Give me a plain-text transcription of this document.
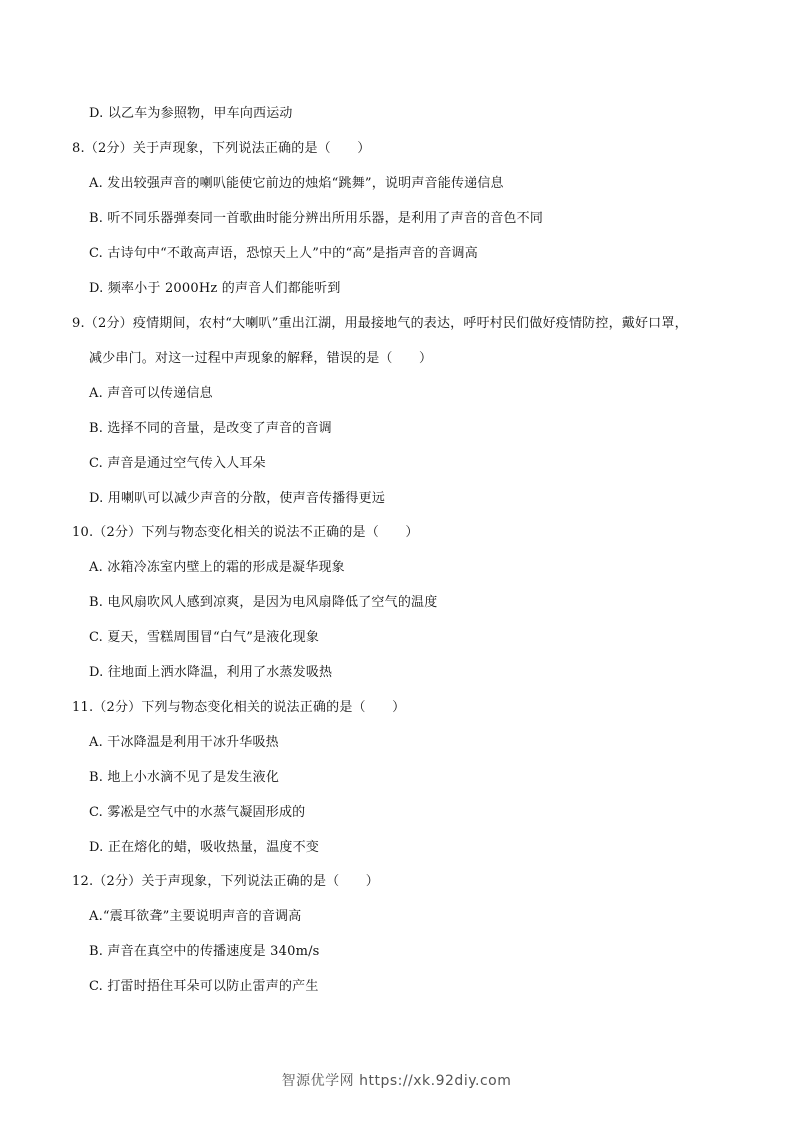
D. 以乙车为参照物，甲车向西运动
8.（2分）关于声现象，下列说法正确的是（　　）
A. 发出较强声音的喇叭能使它前边的烛焰“跳舞”，说明声音能传递信息
B. 听不同乐器弹奏同一首歌曲时能分辨出所用乐器，是利用了声音的音色不同
C. 古诗句中“不敢高声语，恐惊天上人”中的“高”是指声音的音调高
D. 频率小于 2000Hz 的声音人们都能听到
9.（2分）疫情期间，农村“大喇叭”重出江湖，用最接地气的表达，呼吁村民们做好疫情防控，戴好口罩，
减少串门。对这一过程中声现象的解释，错误的是（　　）
A. 声音可以传递信息
B. 选择不同的音量，是改变了声音的音调
C. 声音是通过空气传入人耳朵
D. 用喇叭可以减少声音的分散，使声音传播得更远
10.（2分）下列与物态变化相关的说法不正确的是（　　）
A. 冰箱冷冻室内壁上的霜的形成是凝华现象
B. 电风扇吹风人感到凉爽，是因为电风扇降低了空气的温度
C. 夏天，雪糕周围冒“白气”是液化现象
D. 往地面上洒水降温，利用了水蒸发吸热
11.（2分）下列与物态变化相关的说法正确的是（　　）
A. 干冰降温是利用干冰升华吸热
B. 地上小水滴不见了是发生液化
C. 雾凇是空气中的水蒸气凝固形成的
D. 正在熔化的蜡，吸收热量，温度不变
12.（2分）关于声现象，下列说法正确的是（　　）
A.“震耳欲聋”主要说明声音的音调高
B. 声音在真空中的传播速度是 340m/s
C. 打雷时捂住耳朵可以防止雷声的产生
智源优学网 https://xk.92diy.com
